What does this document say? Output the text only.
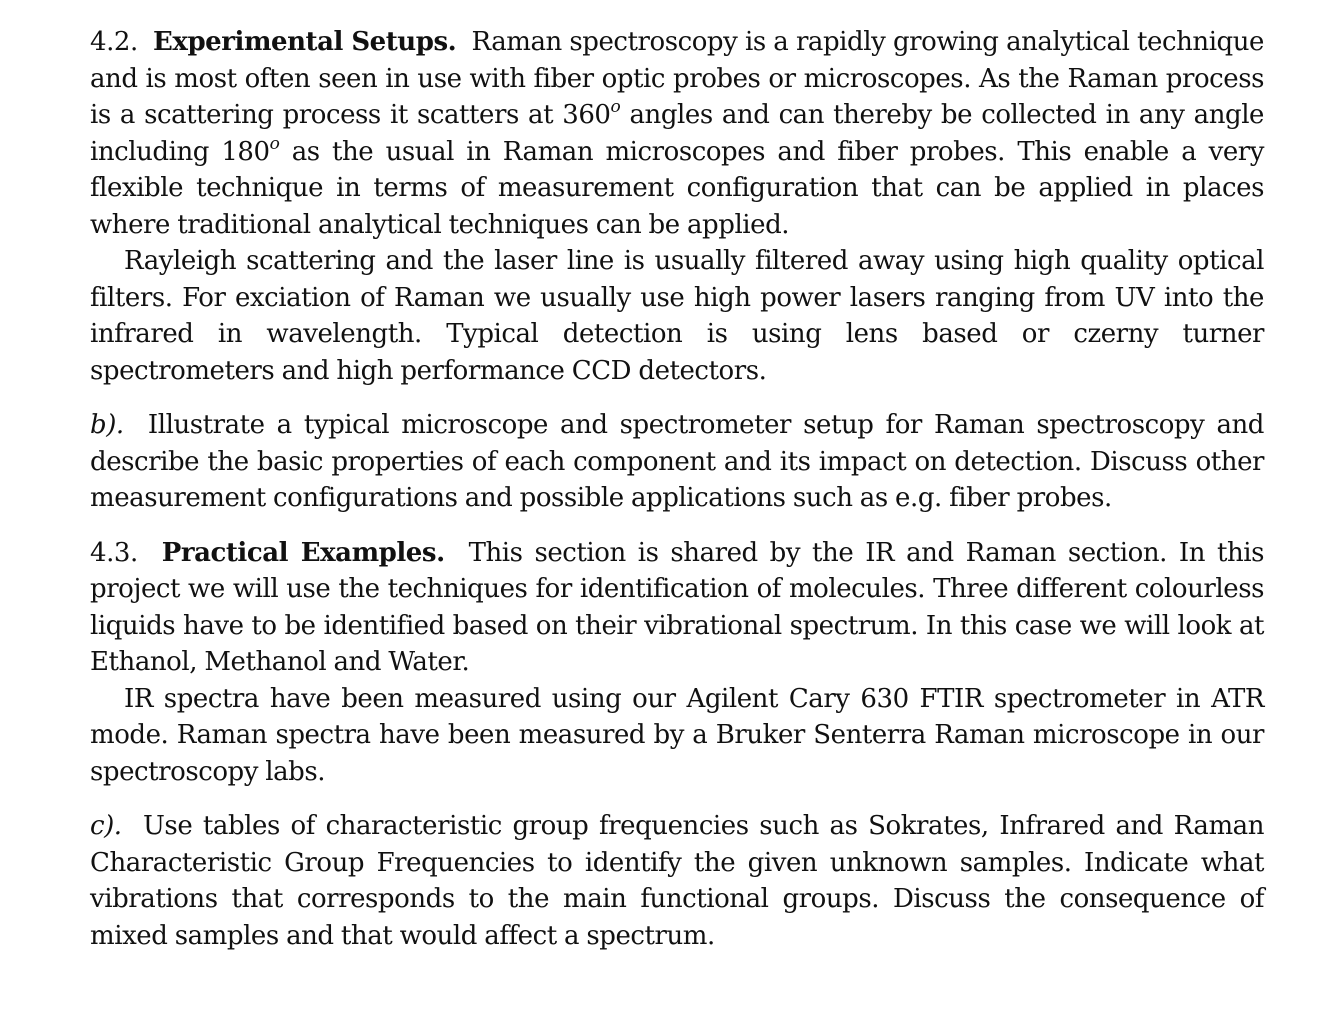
4.2. Experimental Setups. Raman spectroscopy is a rapidly growing analytical technique and is most often seen in use with fiber optic probes or microscopes. As the Raman process is a scattering process it scatters at 360$^o$ angles and can thereby be collected in any angle including 180$^o$ as the usual in Raman microscopes and fiber probes. This enable a very flexible technique in terms of measurement configuration that can be applied in places where traditional analytical techniques can be applied.

Rayleigh scattering and the laser line is usually filtered away using high quality optical filters. For exciation of Raman we usually use high power lasers ranging from UV into the infrared in wavelength. Typical detection is using lens based or czerny turner spectrometers and high performance CCD detectors.

b). Illustrate a typical microscope and spectrometer setup for Raman spectroscopy and describe the basic properties of each component and its impact on detection. Discuss other measurement configurations and possible applications such as e.g. fiber probes.

4.3. Practical Examples. This section is shared by the IR and Raman section. In this project we will use the techniques for identification of molecules. Three different colourless liquids have to be identified based on their vibrational spectrum. In this case we will look at Ethanol, Methanol and Water.

IR spectra have been measured using our Agilent Cary 630 FTIR spectrometer in ATR mode. Raman spectra have been measured by a Bruker Senterra Raman microscope in our spectroscopy labs.

c). Use tables of characteristic group frequencies such as Sokrates, Infrared and Raman Characteristic Group Frequencies to identify the given unknown samples. Indicate what vibrations that corresponds to the main functional groups. Discuss the consequence of mixed samples and that would affect a spectrum.
